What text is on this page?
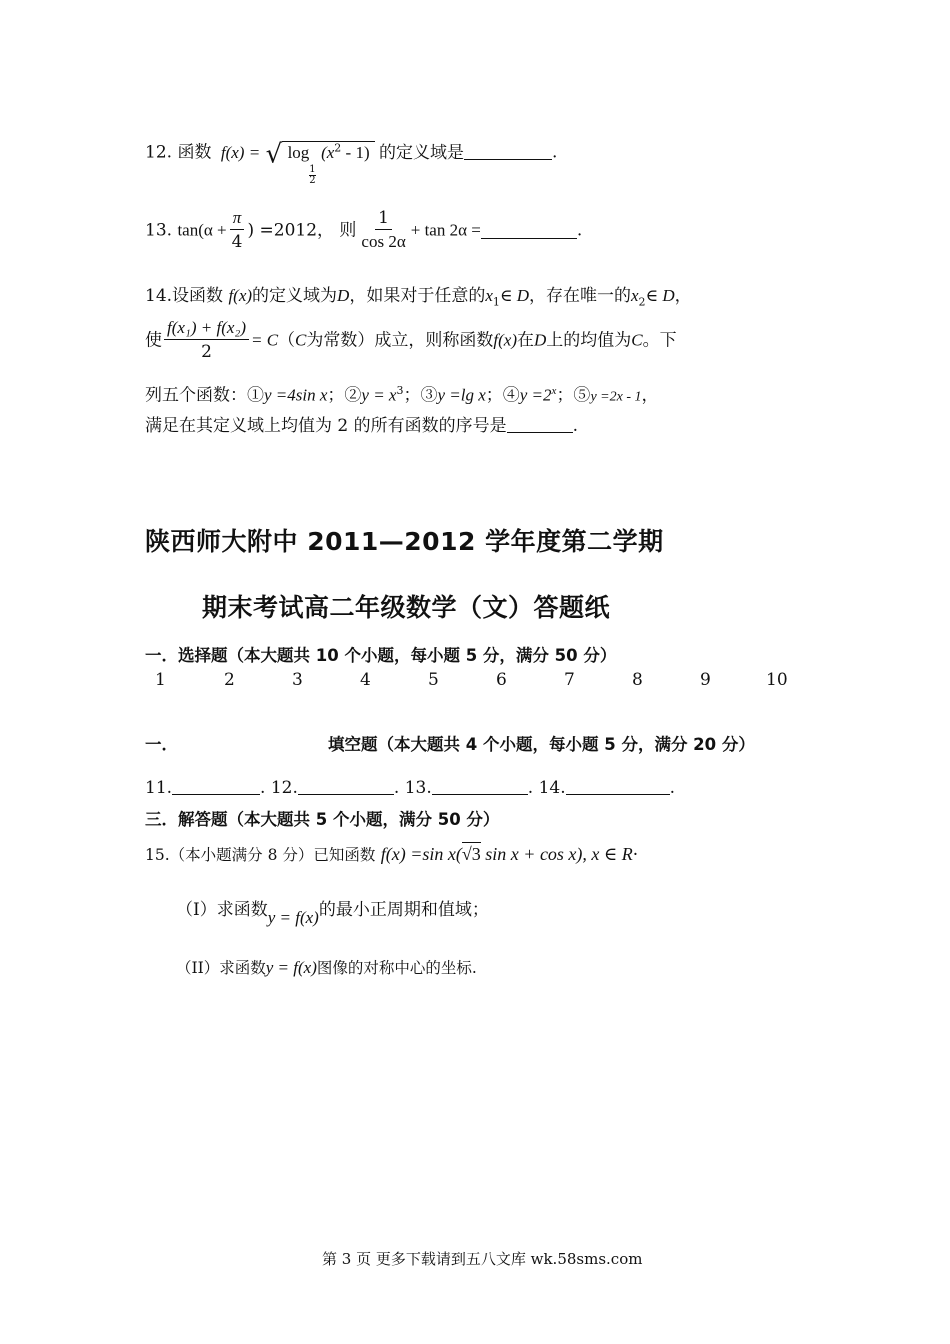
12. 函数 f(x) = √ log
$\frac{1}{2}$
$(x^2 - 1)$ 的定义域是	.
13. $\tan(\alpha + \frac{\pi}{4}$ ) =2012， 则 $\frac{1}{\cos 2\alpha} + \tan 2\alpha$ =	.
14.设函数 f(x)的定义域为D，如果对于任意的$x_1\in$ D，存在唯一的$x_2\in$ D，
使 $\frac{\text{f(x₁) + f(x₂)}}{2} = C(C$为常数）成立，则称函数f(x)在D上的均值为C。下
列五个函数：①y =4sin x；②y = $x^3$；③y =lg x；④y $=2^x$；⑤y =2x - 1，
满足在其定义域上均值为 2 的所有函数的序号是	.
陕西师大附中 2011—2012 学年度第二学期
期末考试高二年级数学（文）答题纸
一．选择题（本大题共 10 个小题，每小题 5 分，满分 50 分）
1	2	3	4	5	6	7	8	9	10
一．	填空题（本大题共 4 个小题，每小题 5 分，满分 20 分）
11.	. 12.	. 13.	. 14.	.
三．解答题（本大题共 5 个小题，满分 50 分）
15.（本小题满分 8 分）已知函数 f(x) =sin x(√3 sin x + cos x), x ∈ R·
（I）求函数y = f(x)的最小正周期和值域；
（II）求函数y = f(x)图像的对称中心的坐标.
第 3 页 更多下载请到五八文库 wk.58sms.com
